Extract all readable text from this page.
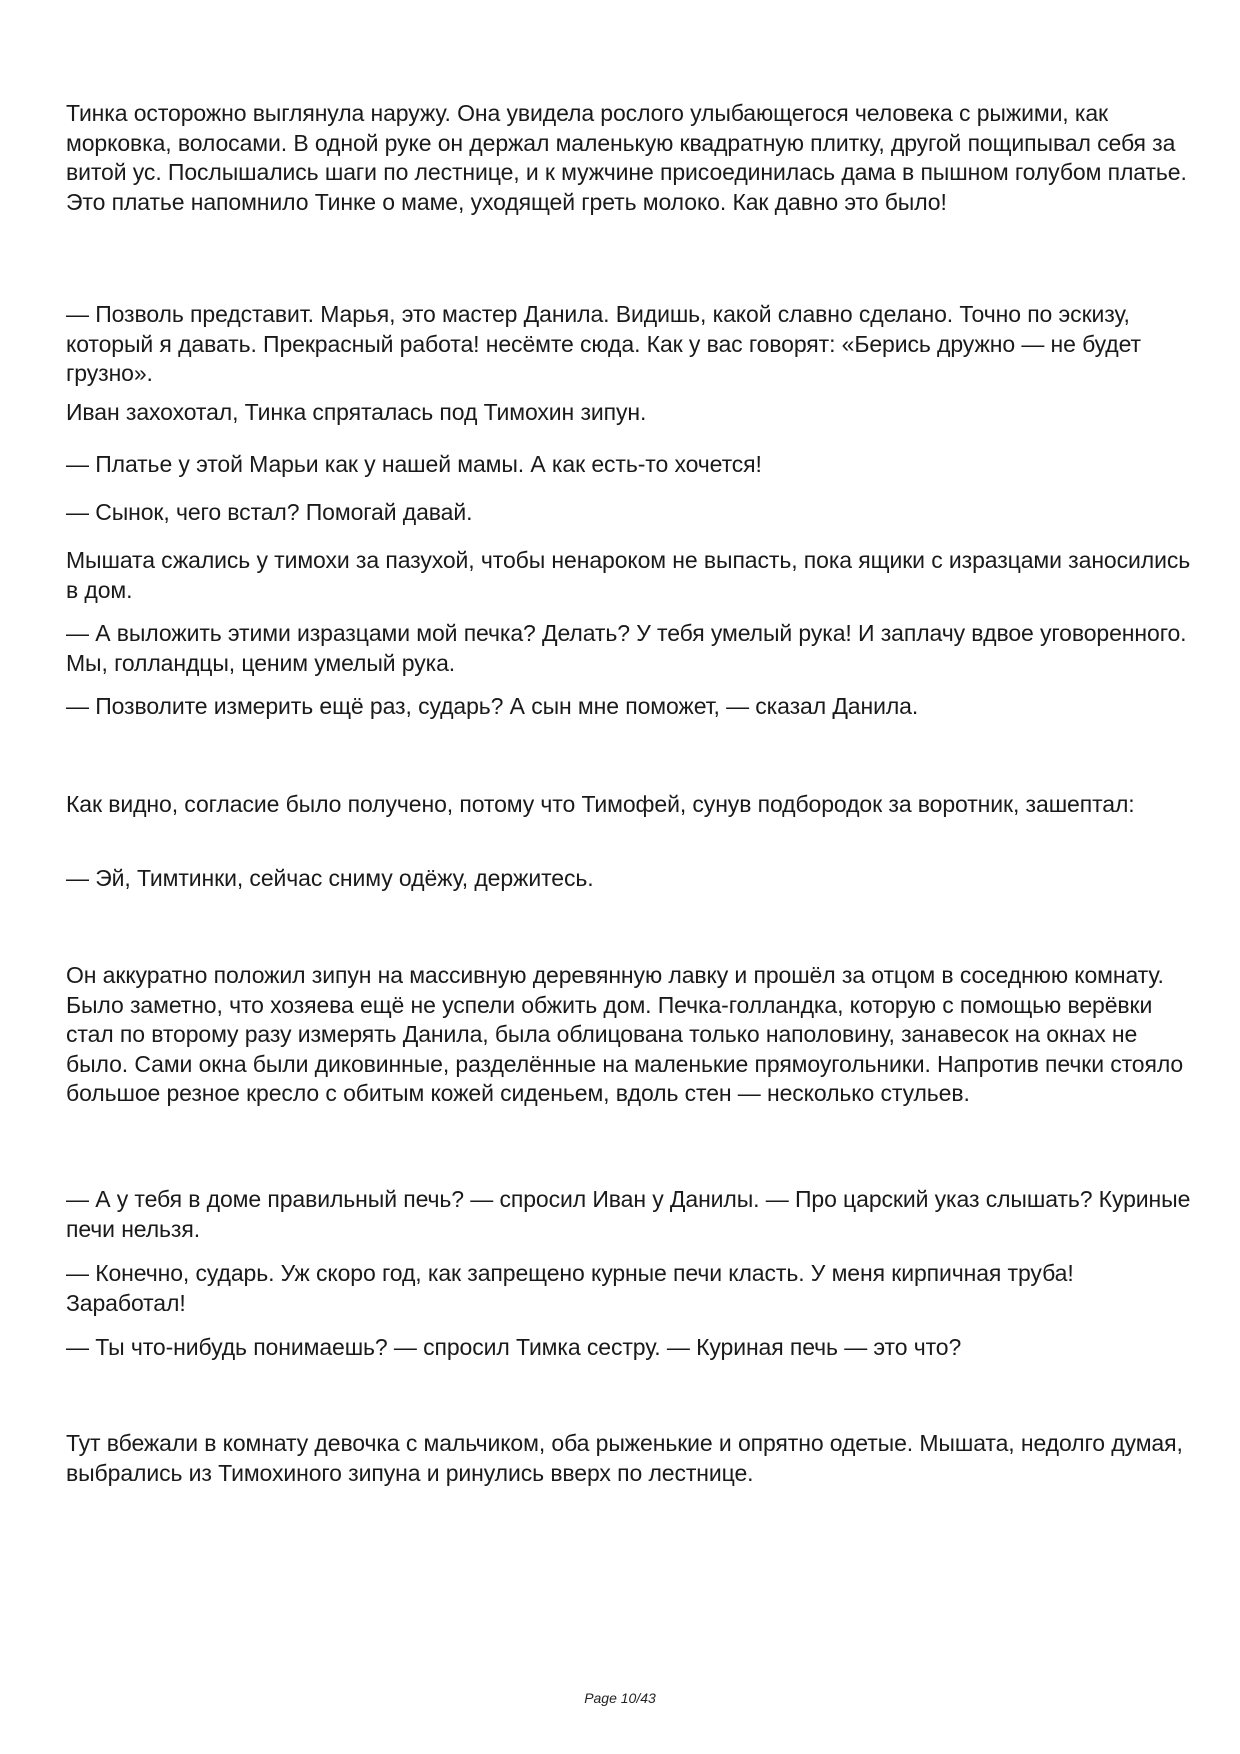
Тинка осторожно выглянула наружу. Она увидела рослого улыбающегося человека с рыжими, как морковка, волосами. В одной руке он держал маленькую квадратную плитку, другой пощипывал себя за витой ус. Послышались шаги по лестнице, и к мужчине присоединилась дама в пышном голубом платье. Это платье напомнило Тинке о маме, уходящей греть молоко. Как давно это было!

— Позволь представит. Марья, это мастер Данила. Видишь, какой славно сделано. Точно по эскизу, который я давать. Прекрасный работа! несёмте сюда. Как у вас говорят: «Берись дружно — не будет грузно».

Иван захохотал, Тинка спряталась под Тимохин зипун.

— Платье у этой Марьи как у нашей мамы. А как есть-то хочется!

— Сынок, чего встал? Помогай давай.

Мышата сжались у тимохи за пазухой, чтобы ненароком не выпасть, пока ящики с изразцами заносились в дом.

— А выложить этими изразцами мой печка? Делать? У тебя умелый рука! И заплачу вдвое уговоренного. Мы, голландцы, ценим умелый рука.

— Позволите измерить ещё раз, сударь? А сын мне поможет, — сказал Данила.

Как видно, согласие было получено, потому что Тимофей, сунув подбородок за воротник, зашептал:

— Эй, Тимтинки, сейчас сниму одёжу, держитесь.

Он аккуратно положил зипун на массивную деревянную лавку и прошёл за отцом в соседнюю комнату. Было заметно, что хозяева ещё не успели обжить дом. Печка-голландка, которую с помощью верёвки стал по второму разу измерять Данила, была облицована только наполовину, занавесок на окнах не было. Сами окна были диковинные, разделённые на маленькие прямоугольники. Напротив печки стояло большое резное кресло с обитым кожей сиденьем, вдоль стен — несколько стульев.

— А у тебя в доме правильный печь? — спросил Иван у Данилы. — Про царский указ слышать? Куриные печи нельзя.

— Конечно, сударь. Уж скоро год, как запрещено курные печи класть. У меня кирпичная труба! Заработал!

— Ты что-нибудь понимаешь? — спросил Тимка сестру. — Куриная печь — это что?

Тут вбежали в комнату девочка с мальчиком, оба рыженькие и опрятно одетые. Мышата, недолго думая, выбрались из Тимохиного зипуна и ринулись вверх по лестнице.

Page 10/43
